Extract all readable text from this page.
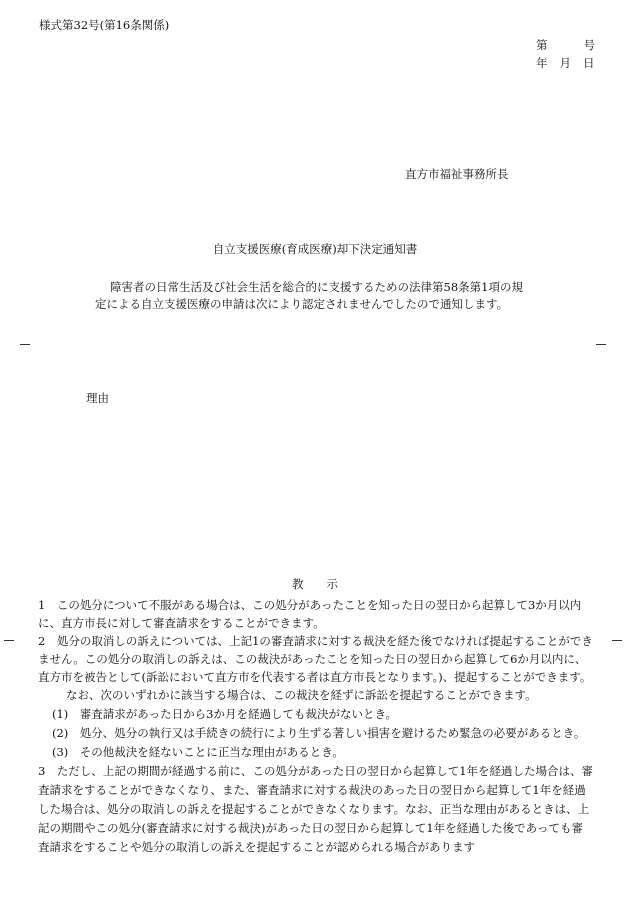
様式第32号(第16条関係)
第	号
年 月 日
直方市福祉事務所長
自立支援医療(育成医療)却下決定通知書
障害者の日常生活及び社会生活を総合的に支援するための法律第58条第1項の規
定による自立支援医療の申請は次により認定されませんでしたので通知します。
理由
教　　示
1　この処分について不服がある場合は、この処分があったことを知った日の翌日から起算して3か月以内
に、直方市長に対して審査請求をすることができます。
2　処分の取消しの訴えについては、上記1の審査請求に対する裁決を経た後でなければ提起することができ
ません。この処分の取消しの訴えは、この裁決があったことを知った日の翌日から起算して6か月以内に、
直方市を被告として(訴訟において直方市を代表する者は直方市長となります。)、提起することができます。
なお、次のいずれかに該当する場合は、この裁決を経ずに訴訟を提起することができます。
(1)　審査請求があった日から3か月を経過しても裁決がないとき。
(2)　処分、処分の執行又は手続きの続行により生ずる著しい損害を避けるため緊急の必要があるとき。
(3)　その他裁決を経ないことに正当な理由があるとき。
3　ただし、上記の期間が経過する前に、この処分があった日の翌日から起算して1年を経過した場合は、審
査請求をすることができなくなり、また、審査請求に対する裁決のあった日の翌日から起算して1年を経過
した場合は、処分の取消しの訴えを提起することができなくなります。なお、正当な理由があるときは、上
記の期間やこの処分(審査請求に対する裁決)があった日の翌日から起算して1年を経過した後であっても審
査請求をすることや処分の取消しの訴えを提起することが認められる場合があります
